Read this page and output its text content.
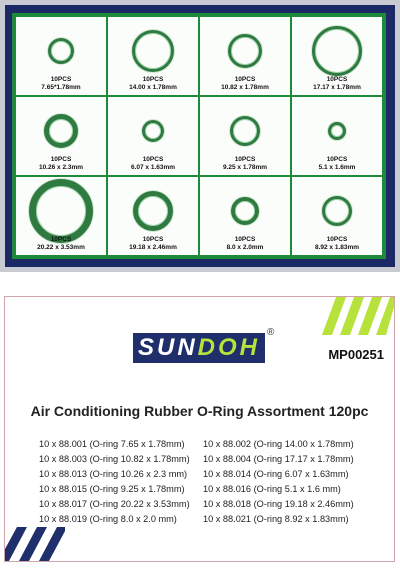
10PCS
7.65*1.78mm
10PCS
14.00 x 1.78mm
10PCS
10.82 x 1.78mm
10PCS
17.17 x 1.78mm
10PCS
10.26 x 2.3mm
10PCS
6.07 x 1.63mm
10PCS
9.25 x 1.78mm
10PCS
5.1 x 1.6mm
10PCS
20.22 x 3.53mm
10PCS
19.18 x 2.46mm
10PCS
8.0 x 2.0mm
10PCS
8.92 x 1.83mm
SUNDOH
®
MP00251
Air Conditioning Rubber O-Ring Assortment 120pc
10 x 88.001 (O-ring 7.65 x 1.78mm)	10 x 88.002 (O-ring 14.00 x 1.78mm)
10 x 88.003 (O-ring 10.82 x 1.78mm)	10 x 88.004 (O-ring 17.17 x 1.78mm)
10 x 88.013 (O-ring 10.26 x 2.3 mm)	10 x 88.014 (O-ring 6.07 x 1.63mm)
10 x 88.015 (O-ring 9.25 x 1.78mm)	10 x 88.016 (O-ring 5.1 x 1.6 mm)
10 x 88.017 (O-ring 20.22 x 3.53mm)	10 x 88.018 (O-ring 19.18 x 2.46mm)
10 x 88.019 (O-ring 8.0 x 2.0 mm)	10 x 88.021 (O-ring 8.92 x 1.83mm)
